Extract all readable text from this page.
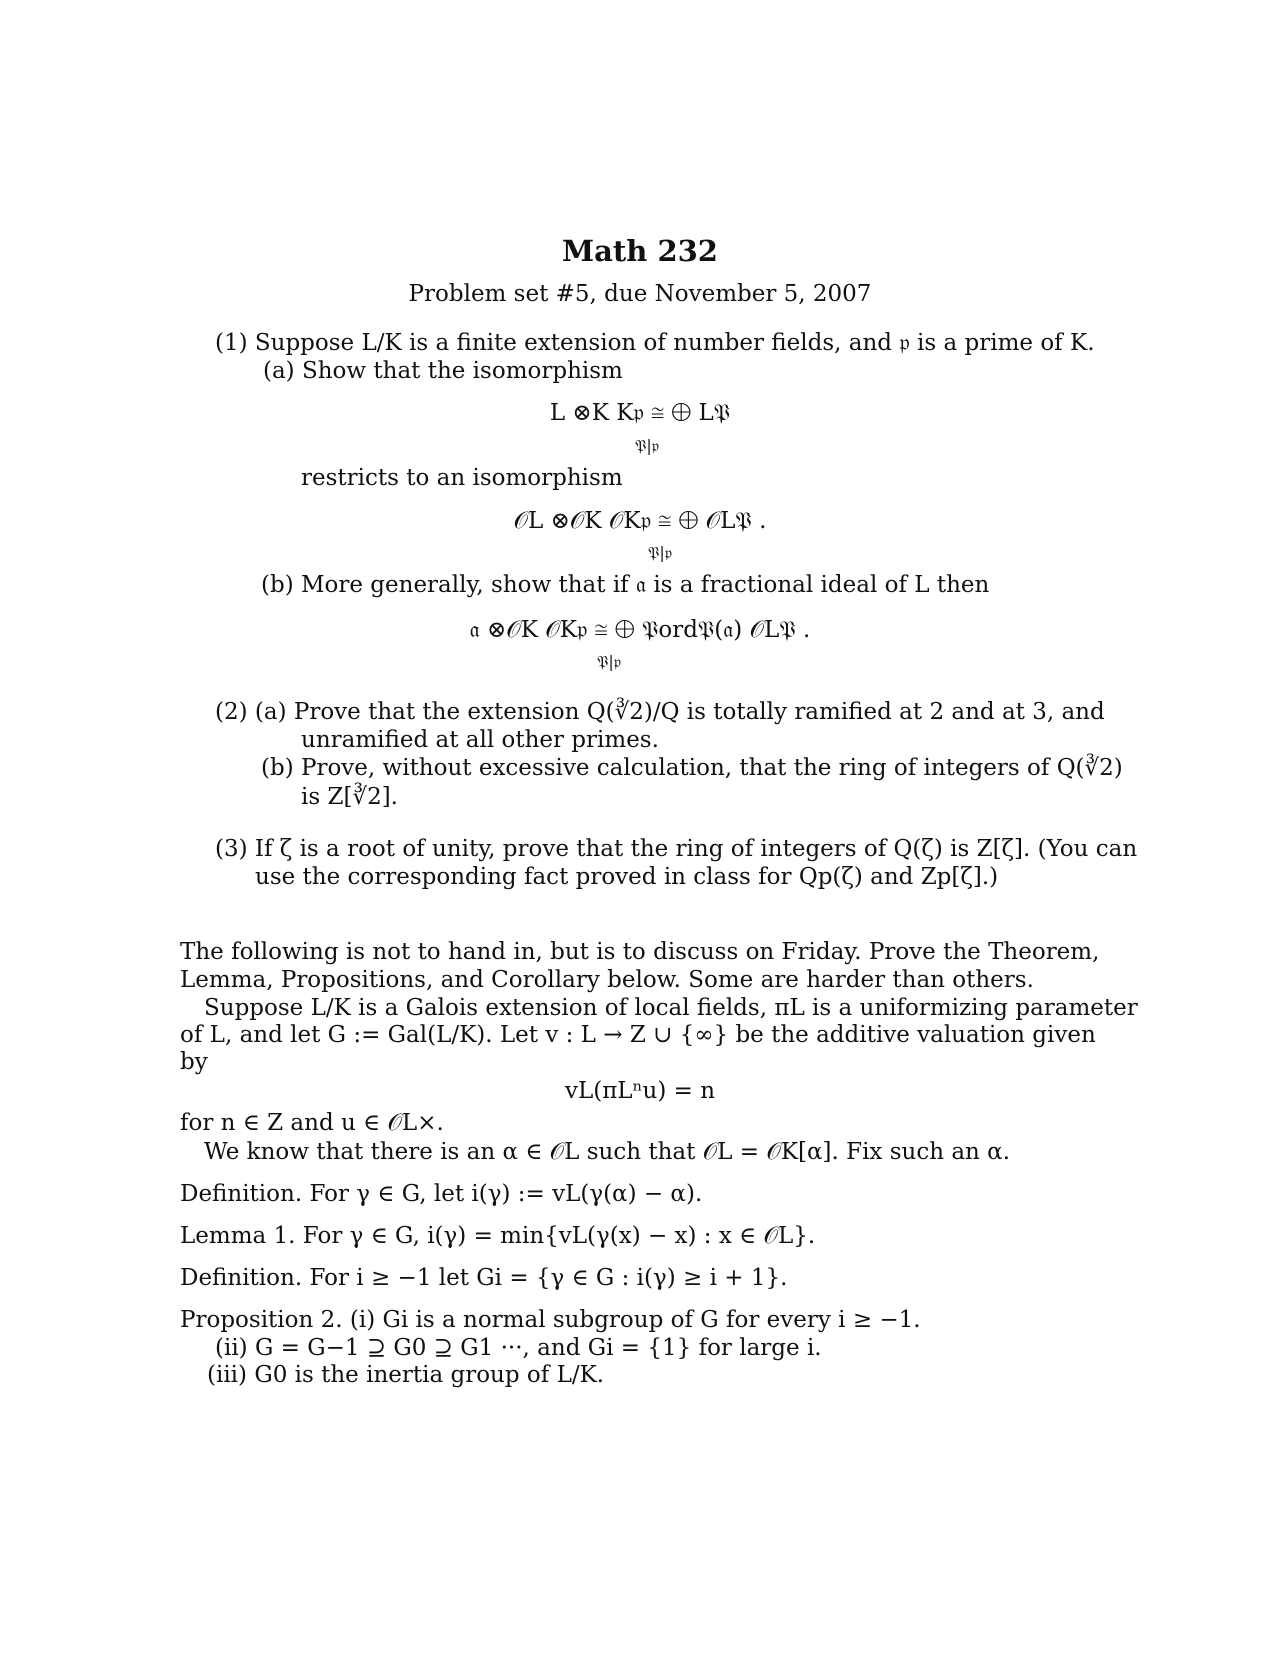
Math 232
Problem set #5, due November 5, 2007
(1) Suppose L/K is a finite extension of number fields, and 𝔭 is a prime of K.
(a) Show that the isomorphism
L ⊗K K𝔭 ≅ ⨁ L𝔓
𝔓|𝔭
restricts to an isomorphism
𝒪L ⊗𝒪K 𝒪K𝔭 ≅ ⨁ 𝒪L𝔓 .
𝔓|𝔭
(b) More generally, show that if 𝔞 is a fractional ideal of L then
𝔞 ⊗𝒪K 𝒪K𝔭 ≅ ⨁ 𝔓ord𝔓(𝔞) 𝒪L𝔓 .
𝔓|𝔭
(2) (a) Prove that the extension Q(∛2)/Q is totally ramified at 2 and at 3, and
unramified at all other primes.
(b) Prove, without excessive calculation, that the ring of integers of Q(∛2)
is Z[∛2].
(3) If ζ is a root of unity, prove that the ring of integers of Q(ζ) is Z[ζ]. (You can
use the corresponding fact proved in class for Qp(ζ) and Zp[ζ].)
The following is not to hand in, but is to discuss on Friday. Prove the Theorem,
Lemma, Propositions, and Corollary below. Some are harder than others.
Suppose L/K is a Galois extension of local fields, πL is a uniformizing parameter
of L, and let G := Gal(L/K). Let v : L → Z ∪ {∞} be the additive valuation given
by
vL(πLⁿu) = n
for n ∈ Z and u ∈ 𝒪L×.
We know that there is an α ∈ 𝒪L such that 𝒪L = 𝒪K[α]. Fix such an α.
Definition. For γ ∈ G, let i(γ) := vL(γ(α) − α).
Lemma 1. For γ ∈ G, i(γ) = min{vL(γ(x) − x) : x ∈ 𝒪L}.
Definition. For i ≥ −1 let Gi = {γ ∈ G : i(γ) ≥ i + 1}.
Proposition 2. (i) Gi is a normal subgroup of G for every i ≥ −1.
(ii) G = G−1 ⊇ G0 ⊇ G1 ···, and Gi = {1} for large i.
(iii) G0 is the inertia group of L/K.
